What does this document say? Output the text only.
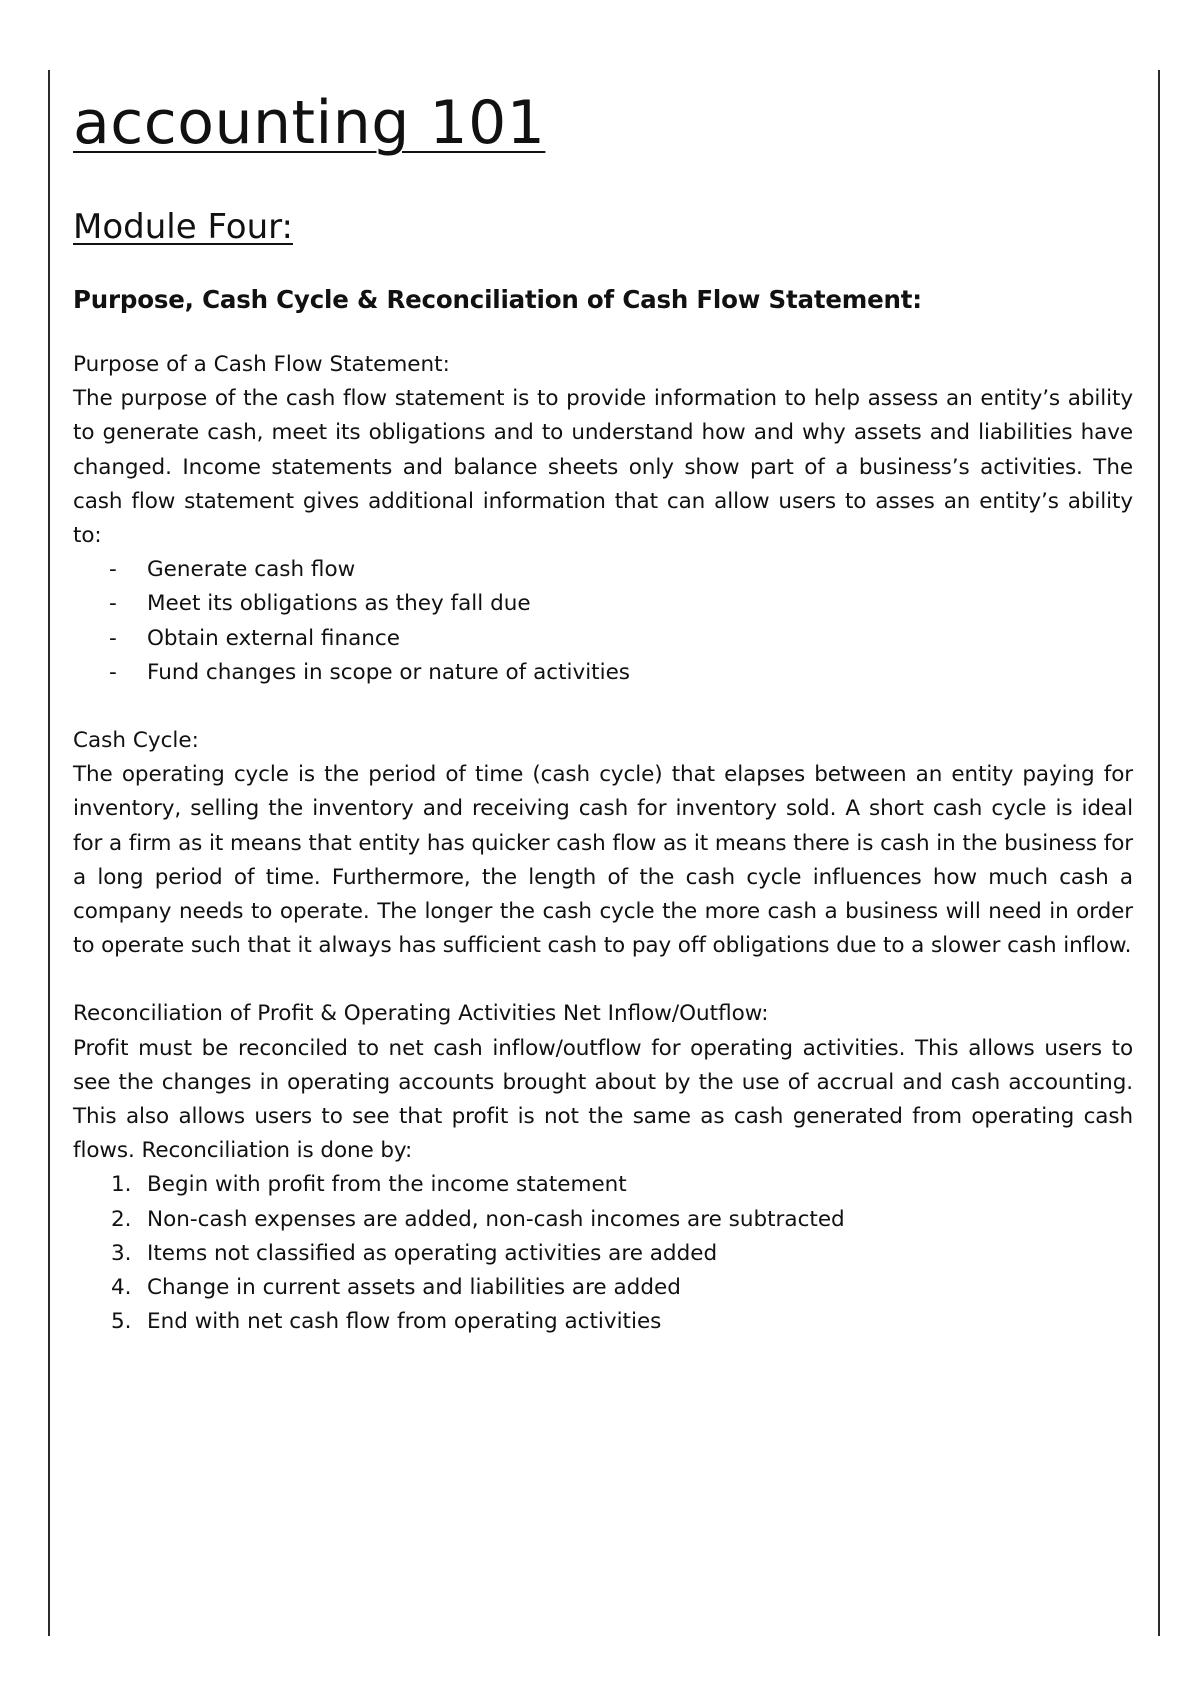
accounting 101
Module Four:
Purpose, Cash Cycle & Reconciliation of Cash Flow Statement:

Purpose of a Cash Flow Statement:

The purpose of the cash flow statement is to provide information to help assess an entity’s ability to generate cash, meet its obligations and to understand how and why assets and liabilities have changed. Income statements and balance sheets only show part of a business’s activities. The cash flow statement gives additional information that can allow users to asses an entity’s ability to:

- Generate cash flow
- Meet its obligations as they fall due
- Obtain external finance
- Fund changes in scope or nature of activities

Cash Cycle:

The operating cycle is the period of time (cash cycle) that elapses between an entity paying for inventory, selling the inventory and receiving cash for inventory sold. A short cash cycle is ideal for a firm as it means that entity has quicker cash flow as it means there is cash in the business for a long period of time. Furthermore, the length of the cash cycle influences how much cash a company needs to operate. The longer the cash cycle the more cash a business will need in order to operate such that it always has sufficient cash to pay off obligations due to a slower cash inflow.

Reconciliation of Profit & Operating Activities Net Inflow/Outflow:

Profit must be reconciled to net cash inflow/outflow for operating activities. This allows users to see the changes in operating accounts brought about by the use of accrual and cash accounting. This also allows users to see that profit is not the same as cash generated from operating cash flows. Reconciliation is done by:

1. Begin with profit from the income statement
2. Non-cash expenses are added, non-cash incomes are subtracted
3. Items not classified as operating activities are added
4. Change in current assets and liabilities are added
5. End with net cash flow from operating activities
